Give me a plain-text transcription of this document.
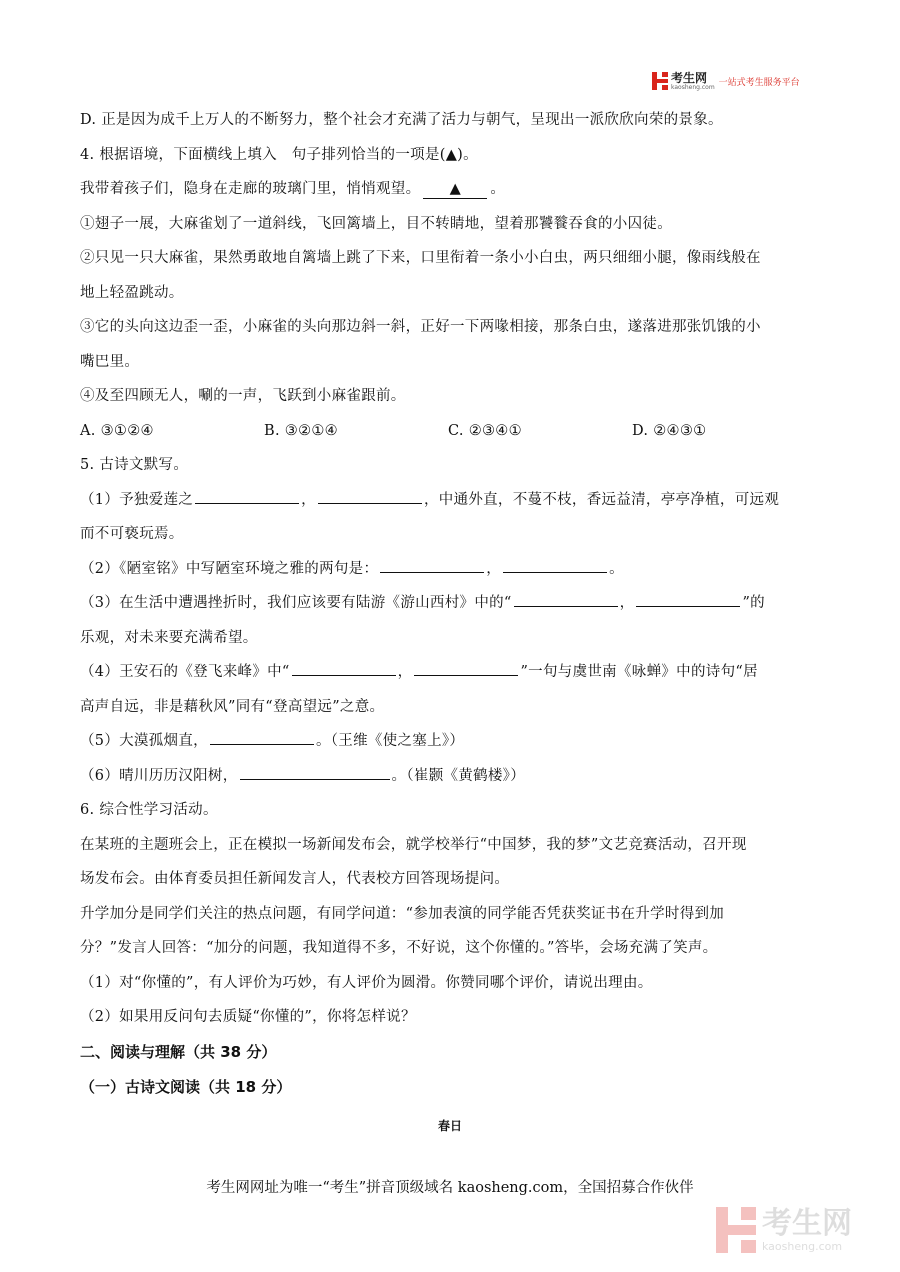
考生网
kaosheng.com 一站式考生服务平台
D. 正是因为成千上万人的不断努力，整个社会才充满了活力与朝气，呈现出一派欣欣向荣的景象。
4. 根据语境，下面横线上填入　句子排列恰当的一项是(▲)。
我带着孩子们，隐身在走廊的玻璃门里，悄悄观望。 ▲ 。
①翅子一展，大麻雀划了一道斜线，飞回篱墙上，目不转睛地，望着那饕餮吞食的小囚徒。
②只见一只大麻雀，果然勇敢地自篱墙上跳了下来，口里衔着一条小小白虫，两只细细小腿，像雨线般在
地上轻盈跳动。
③它的头向这边歪一歪，小麻雀的头向那边斜一斜，正好一下两喙相接，那条白虫，遂落进那张饥饿的小
嘴巴里。
④及至四顾无人，唰的一声，飞跃到小麻雀跟前。
A. ③①②④	B. ③②①④	C. ②③④①	D. ②④③①
5. 古诗文默写。
（1）予独爱莲之	，	，中通外直，不蔓不枝，香远益清，亭亭净植，可远观
而不可亵玩焉。
（2）《陋室铭》中写陋室环境之雅的两句是：	，	。
（3）在生活中遭遇挫折时，我们应该要有陆游《游山西村》中的“	，	”的
乐观，对未来要充满希望。
（4）王安石的《登飞来峰》中“	，	”一句与虞世南《咏蝉》中的诗句“居
高声自远，非是藉秋风”同有“登高望远”之意。
（5）大漠孤烟直，	。（王维《使之塞上》）
（6）晴川历历汉阳树，	。（崔颢《黄鹤楼》）
6. 综合性学习活动。
在某班的主题班会上，正在模拟一场新闻发布会，就学校举行“中国梦，我的梦”文艺竞赛活动，召开现
场发布会。由体育委员担任新闻发言人，代表校方回答现场提问。
升学加分是同学们关注的热点问题，有同学问道：“参加表演的同学能否凭获奖证书在升学时得到加
分？”发言人回答：“加分的问题，我知道得不多，不好说，这个你懂的。”答毕，会场充满了笑声。
（1）对“你懂的”，有人评价为巧妙，有人评价为圆滑。你赞同哪个评价，请说出理由。
（2）如果用反问句去质疑“你懂的”，你将怎样说？
二、阅读与理解（共 38 分）
（一）古诗文阅读（共 18 分）
春日
考生网网址为唯一“考生”拼音顶级域名 kaosheng.com，全国招募合作伙伴
考生网
kaosheng.com
